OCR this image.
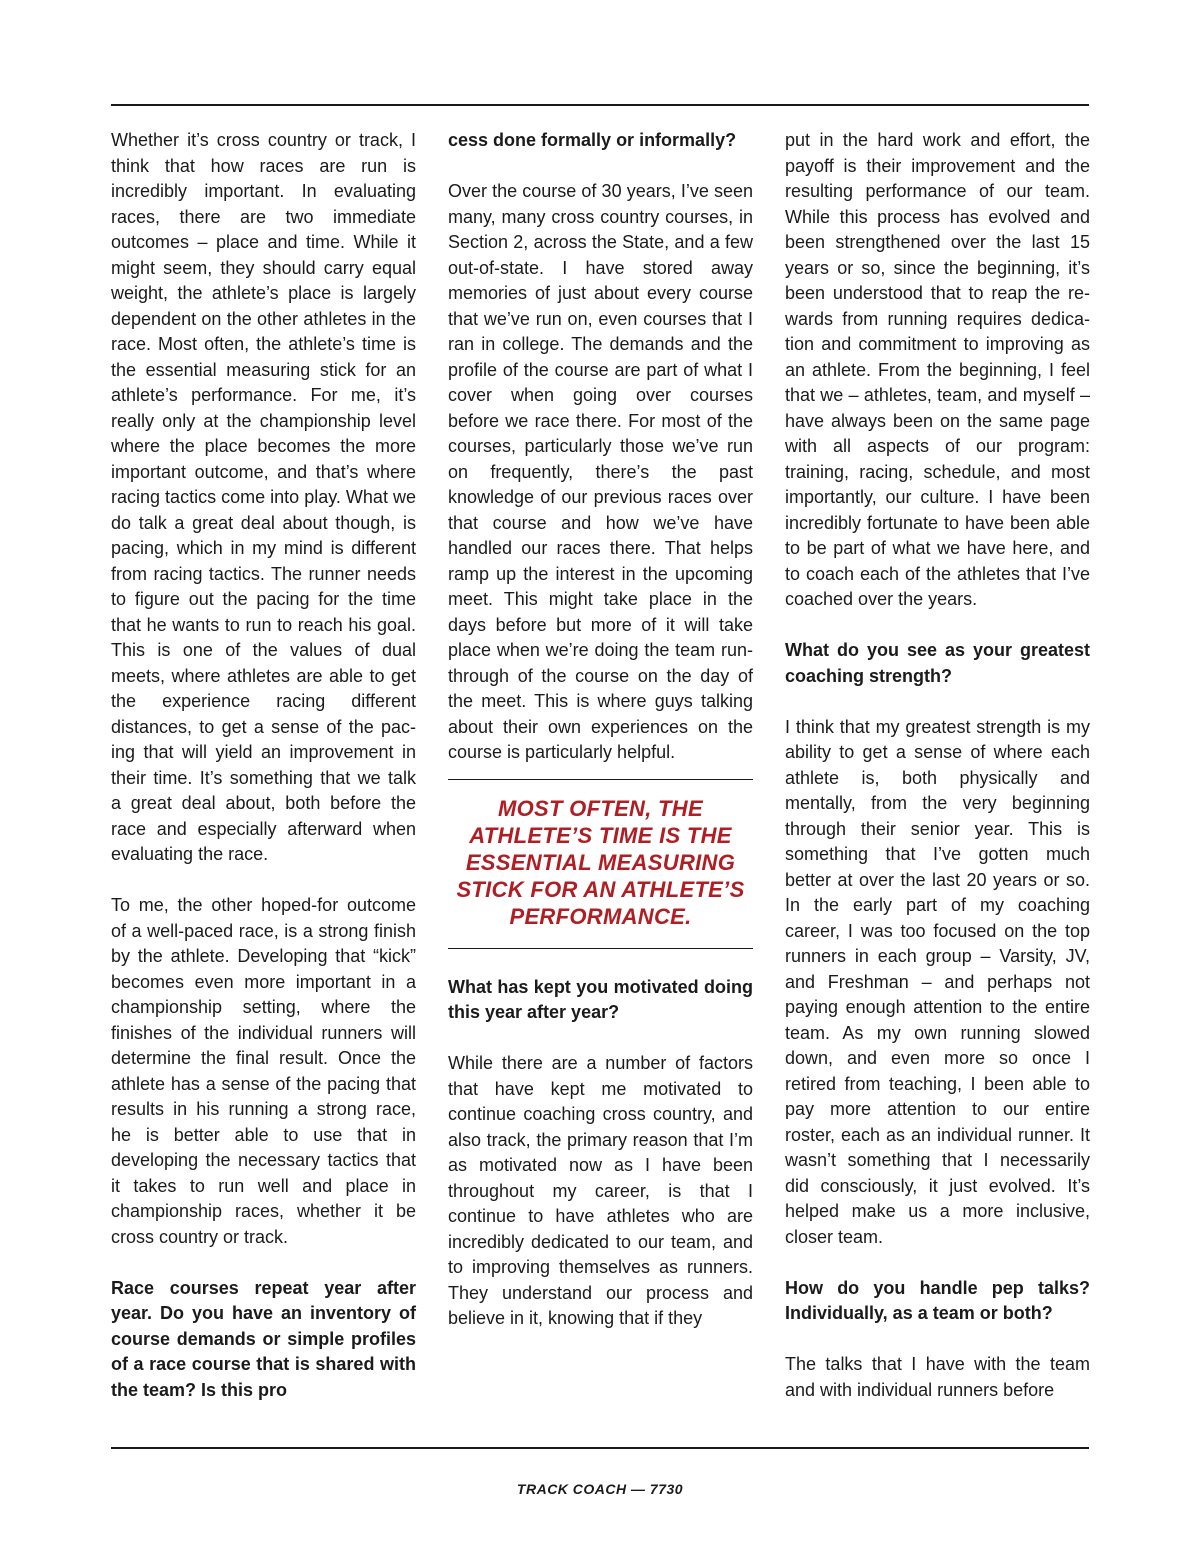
Whether it’s cross country or track, I think that how races are run is incredibly important. In evaluating races, there are two immediate outcomes – place and time. While it might seem, they should carry equal weight, the athlete’s place is largely dependent on the other athletes in the race. Most often, the athlete’s time is the essential measuring stick for an athlete’s performance. For me, it’s really only at the championship level where the place becomes the more important outcome, and that’s where racing tactics come into play. What we do talk a great deal about though, is pacing, which in my mind is different from racing tactics. The runner needs to figure out the pacing for the time that he wants to run to reach his goal. This is one of the values of dual meets, where athletes are able to get the experience racing different distances, to get a sense of the pacing that will yield an improvement in their time. It’s something that we talk a great deal about, both before the race and especially afterward when evaluating the race.

To me, the other hoped-for outcome of a well-paced race, is a strong finish by the athlete. Developing that “kick” becomes even more important in a championship setting, where the finishes of the individual runners will determine the final result. Once the athlete has a sense of the pacing that results in his running a strong race, he is better able to use that in developing the necessary tactics that it takes to run well and place in championship races, whether it be cross country or track.

Race courses repeat year after year. Do you have an inventory of course demands or simple profiles of a race course that is shared with the team? Is this pro

cess done formally or informally?

Over the course of 30 years, I’ve seen many, many cross country courses, in Section 2, across the State, and a few out-of-state. I have stored away memories of just about every course that we’ve run on, even courses that I ran in college. The demands and the profile of the course are part of what I cover when going over courses before we race there. For most of the courses, particularly those we’ve run on frequently, there’s the past knowledge of our previous races over that course and how we’ve have handled our races there. That helps ramp up the interest in the upcoming meet. This might take place in the days before but more of it will take place when we’re doing the team run-through of the course on the day of the meet. This is where guys talking about their own experiences on the course is particularly helpful.

MOST OFTEN, THE ATHLETE’S TIME IS THE ESSENTIAL MEASURING STICK FOR AN ATHLETE’S PERFORMANCE.

What has kept you motivated doing this year after year?

While there are a number of factors that have kept me motivated to continue coaching cross country, and also track, the primary reason that I’m as motivated now as I have been throughout my career, is that I continue to have athletes who are incredibly dedicated to our team, and to improving themselves as runners. They understand our process and believe in it, knowing that if they

put in the hard work and effort, the payoff is their improvement and the resulting performance of our team. While this process has evolved and been strengthened over the last 15 years or so, since the beginning, it’s been understood that to reap the rewards from running requires dedication and commitment to improving as an athlete. From the beginning, I feel that we – athletes, team, and myself – have always been on the same page with all aspects of our program: training, racing, schedule, and most importantly, our culture. I have been incredibly fortunate to have been able to be part of what we have here, and to coach each of the athletes that I’ve coached over the years.

What do you see as your greatest coaching strength?

I think that my greatest strength is my ability to get a sense of where each athlete is, both physically and mentally, from the very beginning through their senior year. This is something that I’ve gotten much better at over the last 20 years or so. In the early part of my coaching career, I was too focused on the top runners in each group – Varsity, JV, and Freshman – and perhaps not paying enough attention to the entire team. As my own running slowed down, and even more so once I retired from teaching, I been able to pay more attention to our entire roster, each as an individual runner. It wasn’t something that I necessarily did consciously, it just evolved. It’s helped make us a more inclusive, closer team.

How do you handle pep talks? Individually, as a team or both?

The talks that I have with the team and with individual runners before

TRACK COACH — 7730
